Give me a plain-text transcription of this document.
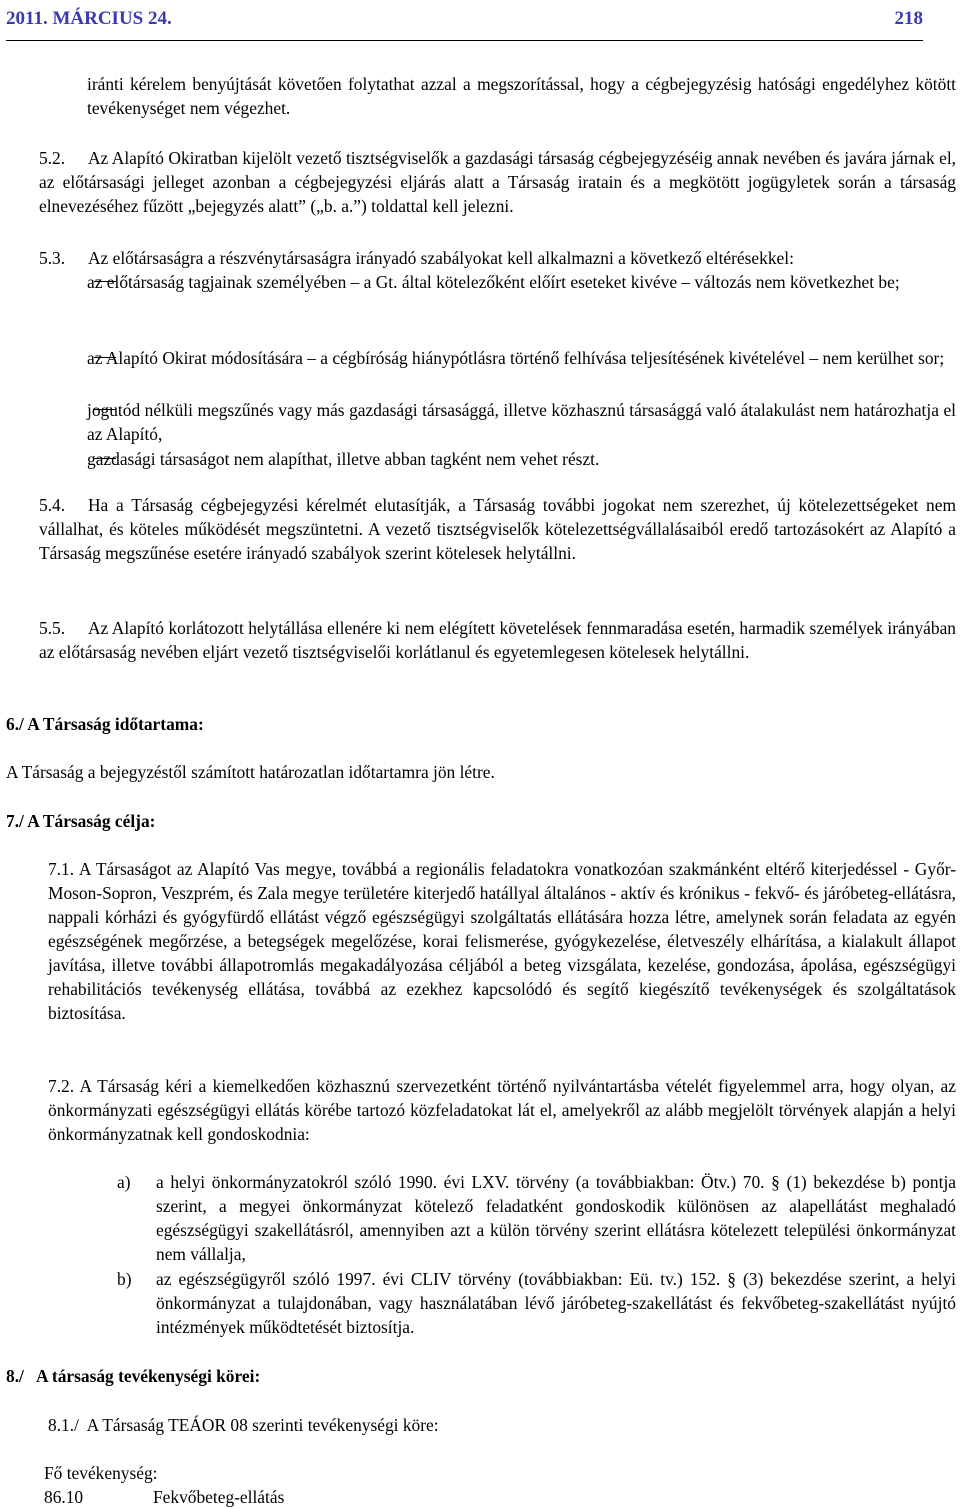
2011. MÁRCIUS 24.	218
iránti kérelem benyújtását követően folytathat azzal a megszorítással, hogy a cégbejegyzésig hatósági engedélyhez kötött tevékenységet nem végezhet.
5.2. Az Alapító Okiratban kijelölt vezető tisztségviselők a gazdasági társaság cégbejegyzéséig annak nevében és javára járnak el, az előtársasági jelleget azonban a cégbejegyzési eljárás alatt a Társaság iratain és a megkötött jogügyletek során a társaság elnevezéséhez fűzött „bejegyzés alatt” („b. a.”) toldattal kell jelezni.
5.3. Az előtársaságra a részvénytársaságra irányadó szabályokat kell alkalmazni a következő eltérésekkel:
az előtársaság tagjainak személyében – a Gt. által kötelezőként előírt eseteket kivéve – változás nem következhet be;
az Alapító Okirat módosítására – a cégbíróság hiánypótlásra történő felhívása teljesítésének kivételével – nem kerülhet sor;
jogutód nélküli megszűnés vagy más gazdasági társasággá, illetve közhasznú társasággá való átalakulást nem határozhatja el az Alapító,
gazdasági társaságot nem alapíthat, illetve abban tagként nem vehet részt.
5.4. Ha a Társaság cégbejegyzési kérelmét elutasítják, a Társaság további jogokat nem szerezhet, új kötelezettségeket nem vállalhat, és köteles működését megszüntetni. A vezető tisztségviselők kötelezettségvállalásaiból eredő tartozásokért az Alapító a Társaság megszűnése esetére irányadó szabályok szerint kötelesek helytállni.
5.5. Az Alapító korlátozott helytállása ellenére ki nem elégített követelések fennmaradása esetén, harmadik személyek irányában az előtársaság nevében eljárt vezető tisztségviselői korlátlanul és egyetemlegesen kötelesek helytállni.
6./ A Társaság időtartama:
A Társaság a bejegyzéstől számított határozatlan időtartamra jön létre.
7./ A Társaság célja:
7.1. A Társaságot az Alapító Vas megye, továbbá a regionális feladatokra vonatkozóan szakmánként eltérő kiterjedéssel - Győr-Moson-Sopron, Veszprém, és Zala megye területére kiterjedő hatállyal általános - aktív és krónikus - fekvő- és járóbeteg-ellátásra, nappali kórházi és gyógyfürdő ellátást végző egészségügyi szolgáltatás ellátására hozza létre, amelynek során feladata az egyén egészségének megőrzése, a betegségek megelőzése, korai felismerése, gyógykezelése, életveszély elhárítása, a kialakult állapot javítása, illetve további állapotromlás megakadályozása céljából a beteg vizsgálata, kezelése, gondozása, ápolása, egészségügyi rehabilitációs tevékenység ellátása, továbbá az ezekhez kapcsolódó és segítő kiegészítő tevékenységek és szolgáltatások biztosítása.
7.2. A Társaság kéri a kiemelkedően közhasznú szervezetként történő nyilvántartásba vételét figyelemmel arra, hogy olyan, az önkormányzati egészségügyi ellátás körébe tartozó közfeladatokat lát el, amelyekről az alább megjelölt törvények alapján a helyi önkormányzatnak kell gondoskodnia:
a) a helyi önkormányzatokról szóló 1990. évi LXV. törvény (a továbbiakban: Ötv.) 70. § (1) bekezdése b) pontja szerint, a megyei önkormányzat kötelező feladatként gondoskodik különösen az alapellátást meghaladó egészségügyi szakellátásról, amennyiben azt a külön törvény szerint ellátásra kötelezett települési önkormányzat nem vállalja,
b) az egészségügyről szóló 1997. évi CLIV törvény (továbbiakban: Eü. tv.) 152. § (3) bekezdése szerint, a helyi önkormányzat a tulajdonában, vagy használatában lévő járóbeteg-szakellátást és fekvőbeteg-szakellátást nyújtó intézmények működtetését biztosítja.
8./   A társaság tevékenységi körei:
8.1./  A Társaság TEÁOR 08 szerinti tevékenységi köre:
Fő tevékenység:
86.10	Fekvőbeteg-ellátás
